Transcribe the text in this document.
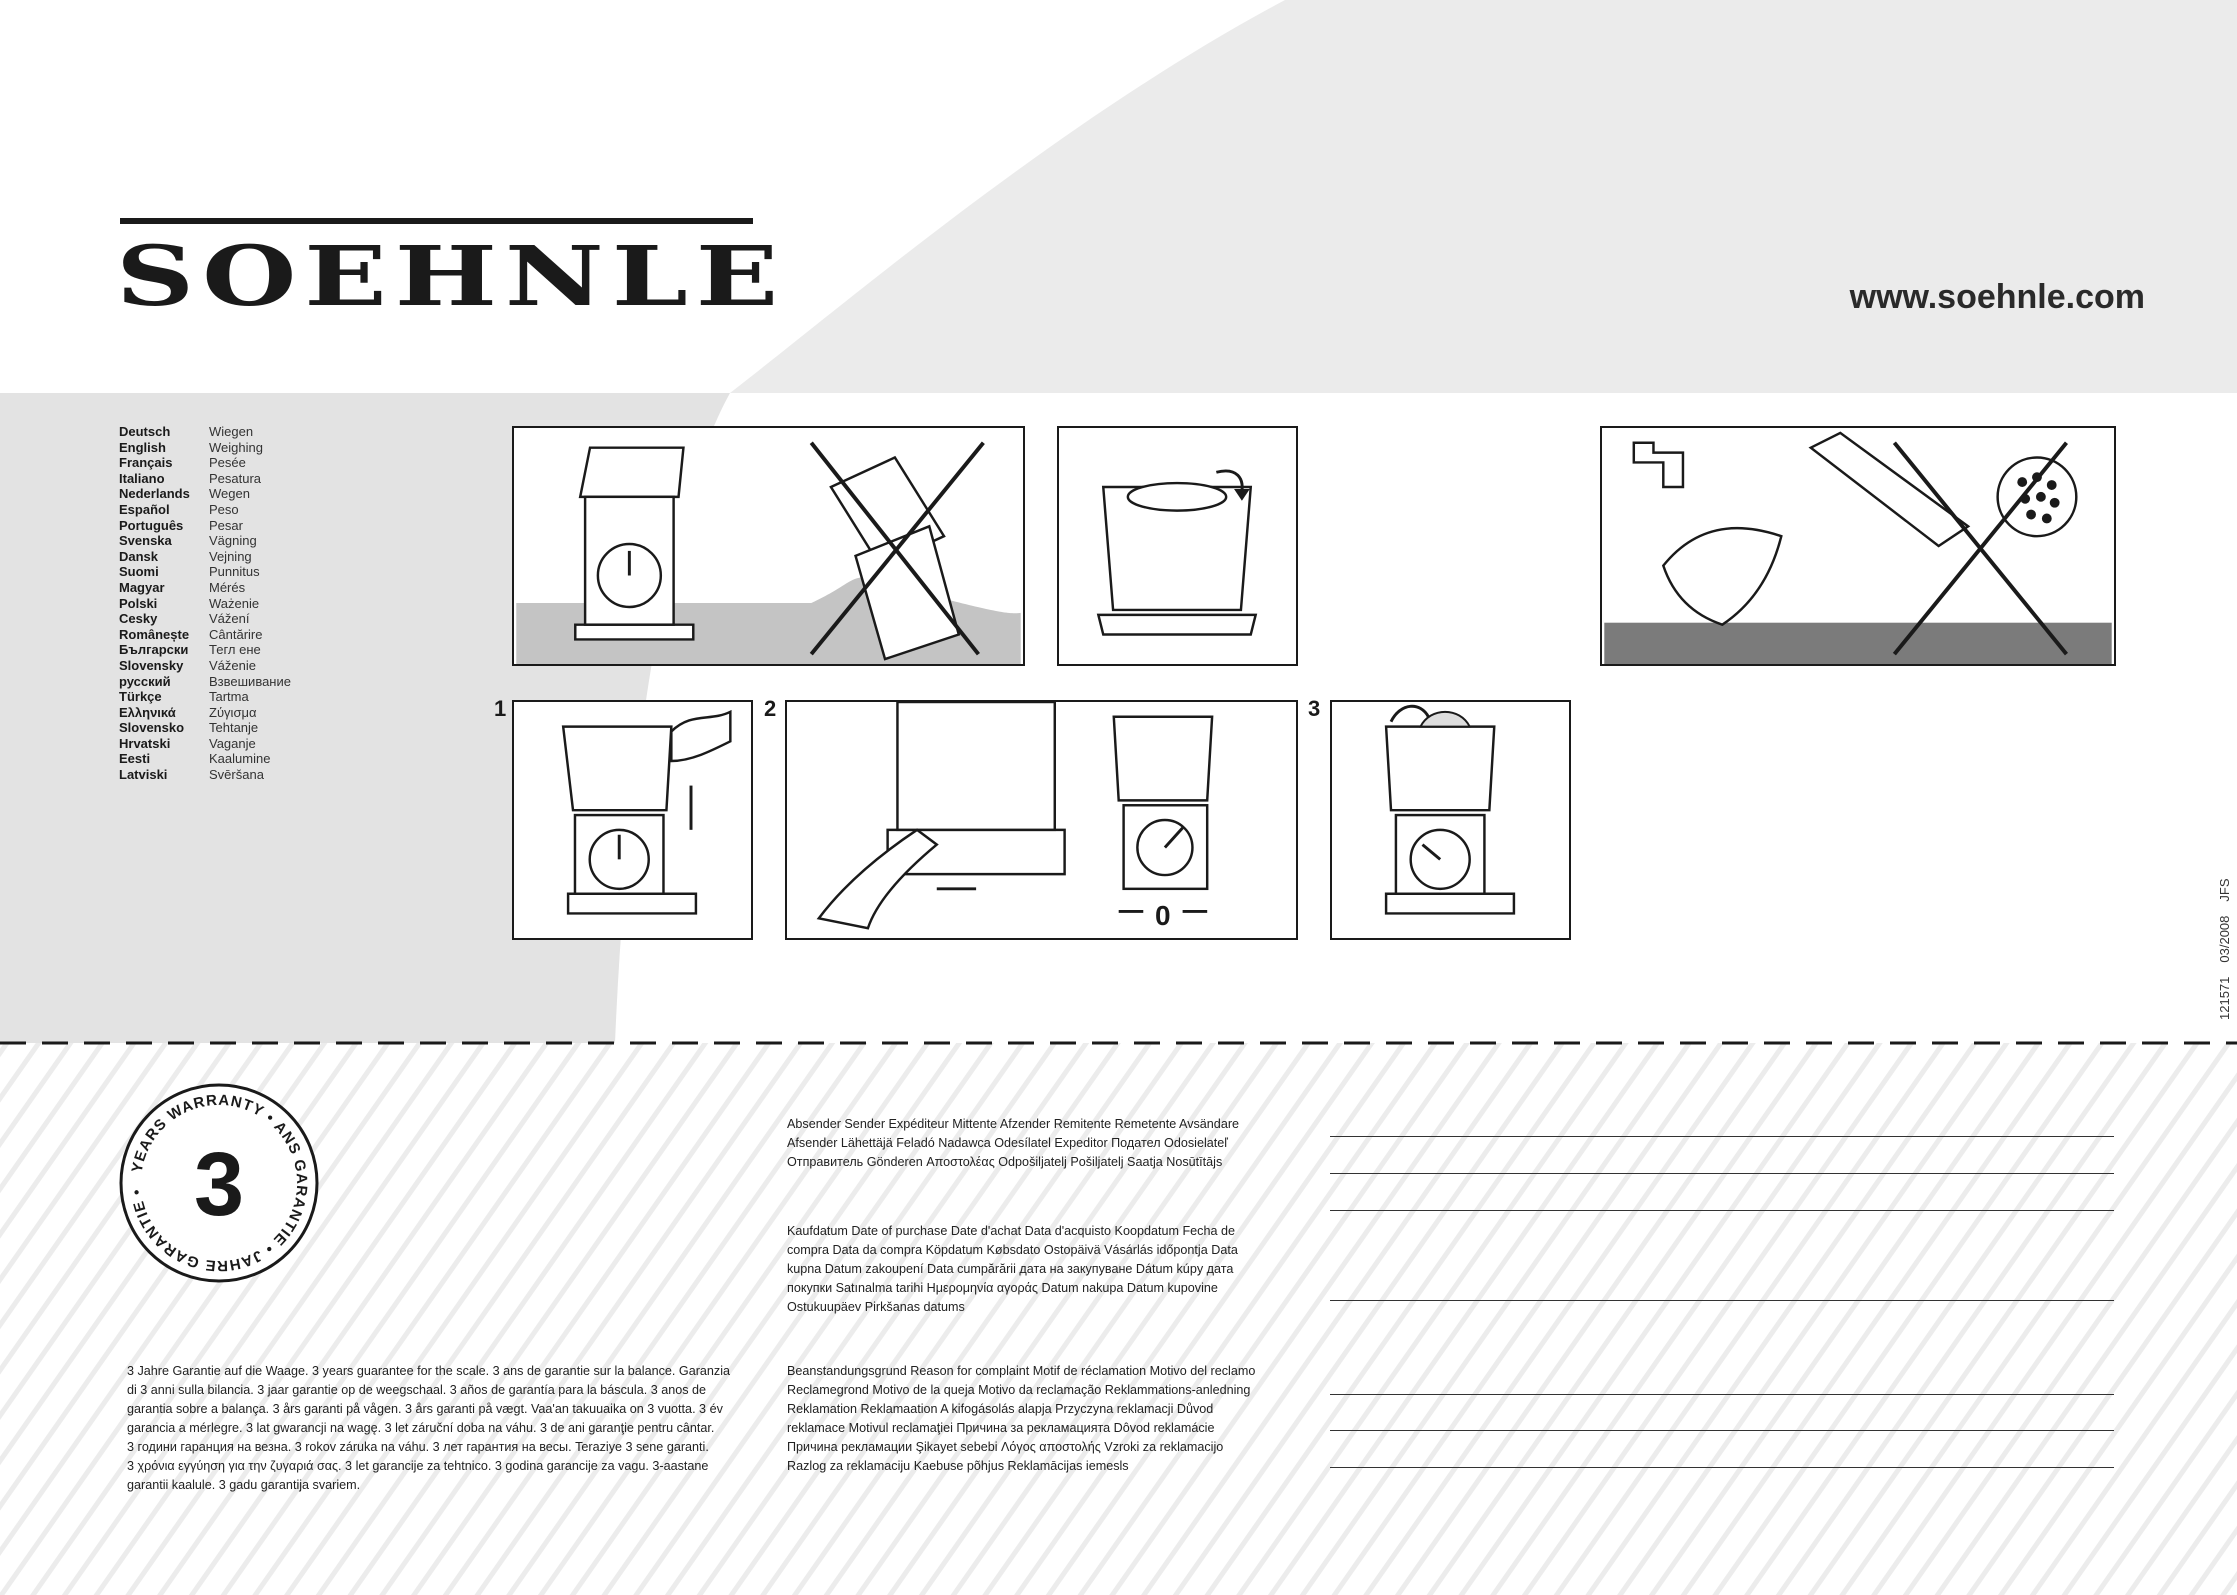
SOEHNLE	www.soehnle.com
Deutsch	Wiegen
English	Weighing
Français	Pesée
Italiano	Pesatura
Nederlands	Wegen
Español	Peso
Português	Pesar
Svenska	Vägning
Dansk	Vejning
Suomi	Punnitus
Magyar	Mérés
Polski	Ważenie
Cesky	Vážení
Românește	Cântărire
Български	Тегл ене
Slovensky	Váženie
русский	Взвешивание
Türkçe	Tartma
Ελληνικά	Ζύγισμα
Slovensko	Tehtanje
Hrvatski	Vaganje
Eesti	Kaalumine
Latviski	Svēršana
1	2
0
3
12157103/2008JFS
YEARS WARRANTY • ANS GARANTIE • JAHRE GARANTIE • 3
3 Jahre Garantie auf die Waage. 3 years guarantee for the scale. 3 ans de garantie sur la balance. Garanzia
di 3 anni sulla bilancia. 3 jaar garantie op de weegschaal. 3 años de garantía para la báscula. 3 anos de
garantia sobre a balança. 3 års garanti på vågen. 3 års garanti på vægt. Vaa'an takuuaika on 3 vuotta. 3 év
garancia a mérlegre. 3 lat gwarancji na wagę. 3 let záruční doba na váhu. 3 de ani garanţie pentru cântar.
3 години гаранция на везна. 3 rokov záruka na váhu. 3 лет гарантия на весы. Teraziye 3 sene garanti.
3 χρόνια εγγύηση για την ζυγαριά σας. 3 let garancije za tehtnico. 3 godina garancije za vagu. 3-aastane
garantii kaalule. 3 gadu garantija svariem.
Absender Sender Expéditeur Mittente Afzender Remitente Remetente Avsändare
Afsender Lähettäjä Feladó Nadawca Odesílatel Expeditor Подател Odosielateľ
Отправитель Gönderen Αποστολέας Odpošiljatelj Pošiljatelj Saatja Nosūtītājs
Kaufdatum Date of purchase Date d'achat Data d'acquisto Koopdatum Fecha de
compra Data da compra Köpdatum Købsdato Ostopäivä Vásárlás időpontja Data
kupna Datum zakoupení Data cumpărării дата на закупуване Dátum kúpy дата
покупки Satınalma tarihi Ημερομηνία αγοράς Datum nakupa Datum kupovine
Ostukuupäev Pirkšanas datums
Beanstandungsgrund Reason for complaint Motif de réclamation Motivo del reclamo
Reclamegrond Motivo de la queja Motivo da reclamação Reklammations-anledning
Reklamation Reklamaation A kifogásolás alapja Przyczyna reklamacji Důvod
reklamace Motivul reclamaţiei Причина за рекламацията Dôvod reklamácie
Причина рекламации Şikayet sebebi Λόγος αποστολής Vzroki za reklamacijo
Razlog za reklamaciju Kaebuse põhjus Reklamācijas iemesls
